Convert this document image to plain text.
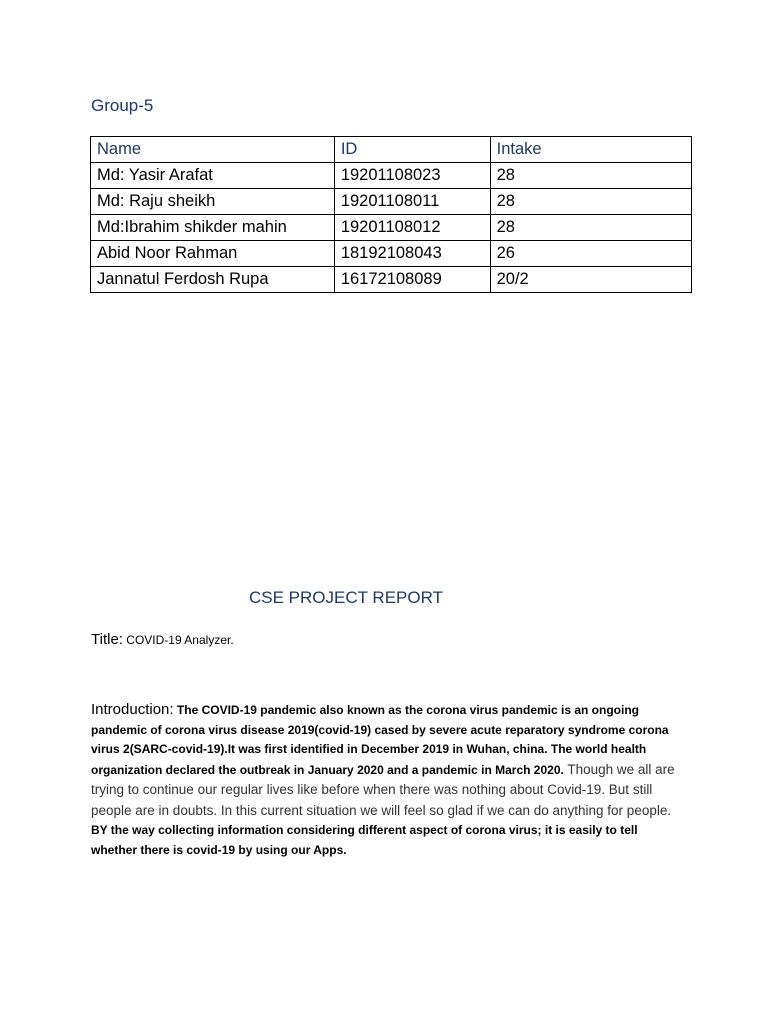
Group-5
Name	ID	Intake
Md: Yasir Arafat	19201108023	28
Md: Raju sheikh	19201108011	28
Md:Ibrahim shikder mahin	19201108012	28
Abid Noor Rahman	18192108043	26
Jannatul Ferdosh Rupa	16172108089	20/2
CSE PROJECT REPORT
Title: COVID-19 Analyzer.
Introduction: The COVID-19 pandemic also known as the corona virus pandemic is an ongoing pandemic of corona virus disease 2019(covid-19) cased by severe acute reparatory syndrome corona virus 2(SARC-covid-19).It was first identified in December 2019 in Wuhan, china. The world health organization declared the outbreak in January 2020 and a pandemic in March 2020. Though we all are trying to continue our regular lives like before when there was nothing about Covid-19. But still people are in doubts. In this current situation we will feel so glad if we can do anything for people. BY the way collecting information considering different aspect of corona virus; it is easily to tell whether there is covid-19 by using our Apps.
